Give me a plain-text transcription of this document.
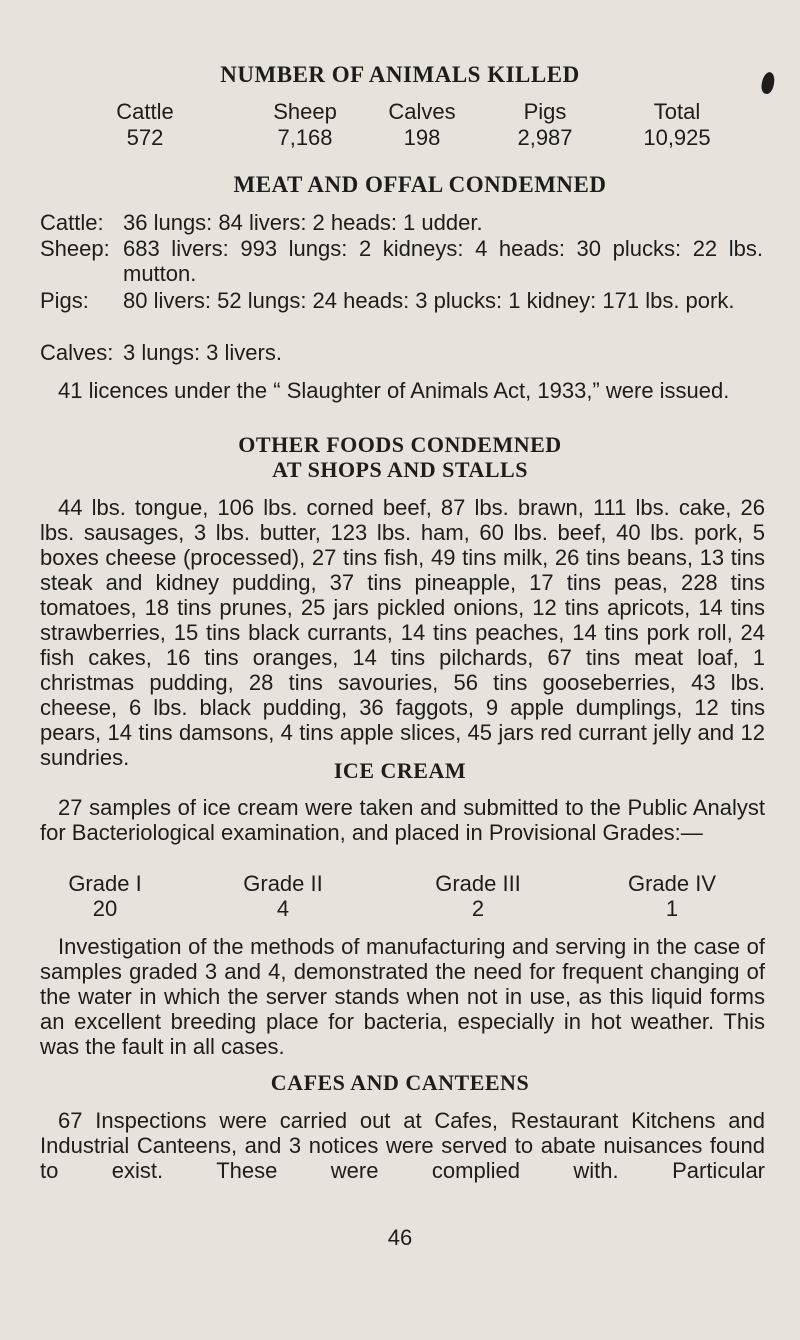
NUMBER OF ANIMALS KILLED
Cattle	Sheep	Calves	Pigs	Total
572	7,168	198	2,987	10,925
MEAT AND OFFAL CONDEMNED
Cattle: 36 lungs: 84 livers: 2 heads: 1 udder.
Sheep: 683 livers: 993 lungs: 2 kidneys: 4 heads: 30 plucks: 22 lbs. mutton.
Pigs: 80 livers: 52 lungs: 24 heads: 3 plucks: 1 kidney: 171 lbs. pork.
Calves: 3 lungs: 3 livers.
41 licences under the “ Slaughter of Animals Act, 1933,” were issued.
OTHER FOODS CONDEMNED
AT SHOPS AND STALLS
44 lbs. tongue, 106 lbs. corned beef, 87 lbs. brawn, 111 lbs. cake, 26 lbs. sausages, 3 lbs. butter, 123 lbs. ham, 60 lbs. beef, 40 lbs. pork, 5 boxes cheese (processed), 27 tins fish, 49 tins milk, 26 tins beans, 13 tins steak and kidney pudding, 37 tins pineapple, 17 tins peas, 228 tins tomatoes, 18 tins prunes, 25 jars pickled onions, 12 tins apricots, 14 tins strawberries, 15 tins black currants, 14 tins peaches, 14 tins pork roll, 24 fish cakes, 16 tins oranges, 14 tins pilchards, 67 tins meat loaf, 1 christmas pudding, 28 tins savouries, 56 tins gooseberries, 43 lbs. cheese, 6 lbs. black pudding, 36 faggots, 9 apple dumplings, 12 tins pears, 14 tins damsons, 4 tins apple slices, 45 jars red currant jelly and 12 sundries.
ICE CREAM
27 samples of ice cream were taken and submitted to the Public Analyst for Bacteriological examination, and placed in Provisional Grades:—
Grade I	Grade II	Grade III	Grade IV
20	4	2	1
Investigation of the methods of manufacturing and serving in the case of samples graded 3 and 4, demonstrated the need for frequent changing of the water in which the server stands when not in use, as this liquid forms an excellent breeding place for bacteria, especially in hot weather. This was the fault in all cases.
CAFES AND CANTEENS
67 Inspections were carried out at Cafes, Restaurant Kitchens and Industrial Canteens, and 3 notices were served to abate nuisances found to exist. These were complied with. Particular
46
